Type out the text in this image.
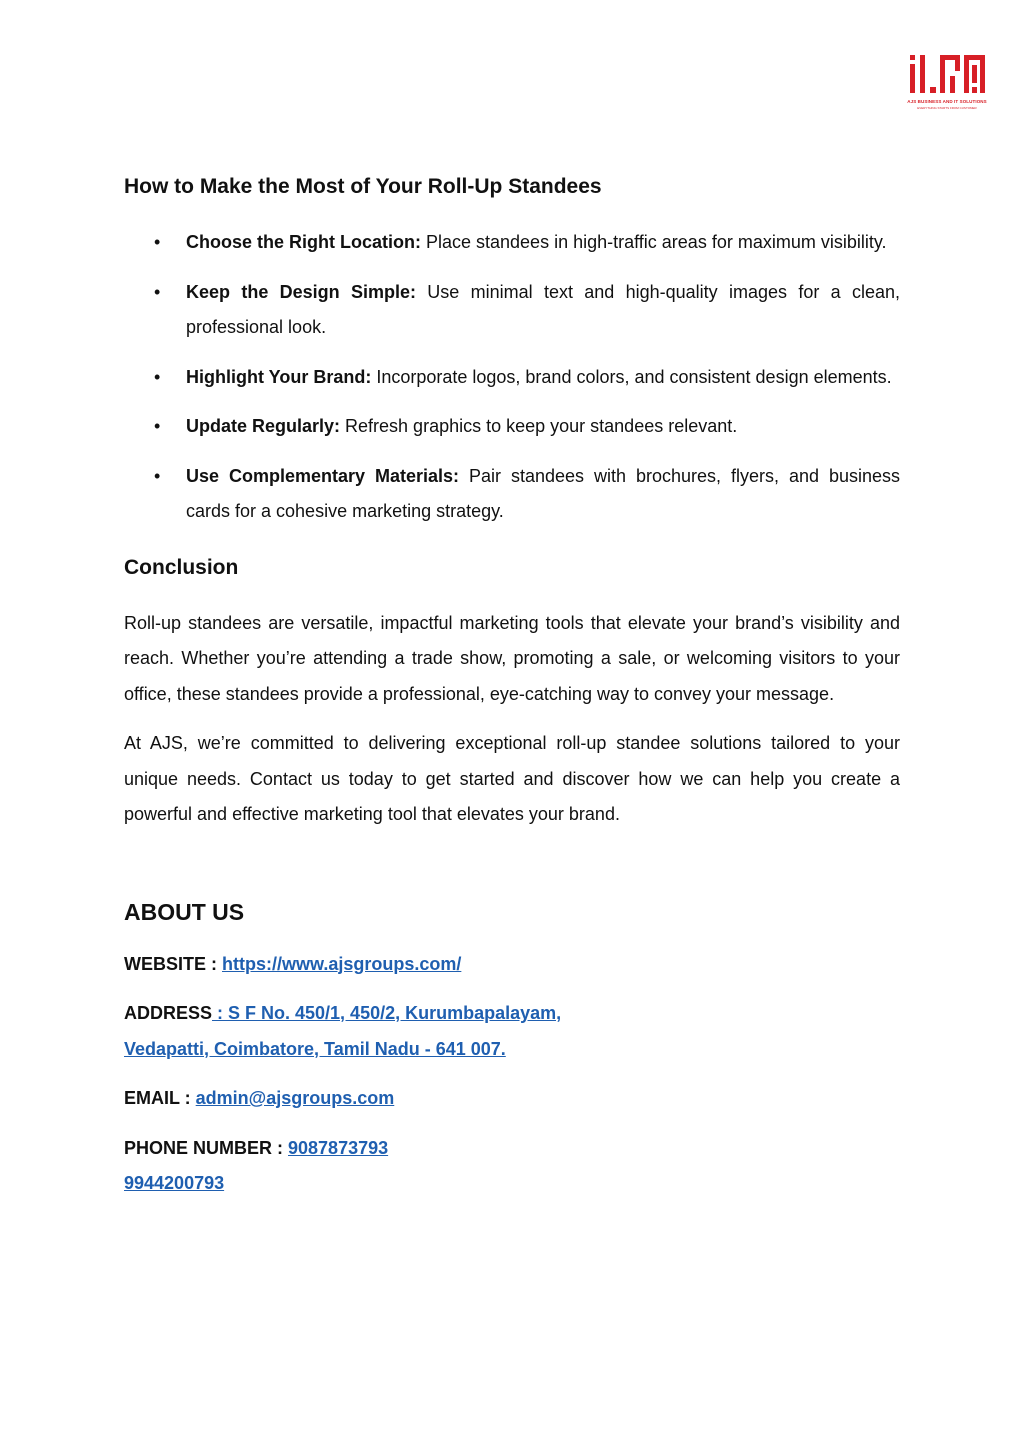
AJS BUSINESS AND IT SOLUTIONS
EVERYTHING STARTS FROM CUSTOMER
How to Make the Most of Your Roll-Up Standees
• Choose the Right Location: Place standees in high-traffic areas for maximum visibility.
• Keep the Design Simple: Use minimal text and high-quality images for a clean, professional look.
• Highlight Your Brand: Incorporate logos, brand colors, and consistent design elements.
• Update Regularly: Refresh graphics to keep your standees relevant.
• Use Complementary Materials: Pair standees with brochures, flyers, and business cards for a cohesive marketing strategy.
Conclusion

Roll-up standees are versatile, impactful marketing tools that elevate your brand’s visibility and reach. Whether you’re attending a trade show, promoting a sale, or welcoming visitors to your office, these standees provide a professional, eye-catching way to convey your message.

At AJS, we’re committed to delivering exceptional roll-up standee solutions tailored to your unique needs. Contact us today to get started and discover how we can help you create a powerful and effective marketing tool that elevates your brand.

ABOUT US
WEBSITE : https://www.ajsgroups.com/
ADDRESS : S F No. 450/1, 450/2, Kurumbapalayam,
Vedapatti, Coimbatore, Tamil Nadu - 641 007.
EMAIL : admin@ajsgroups.com
PHONE NUMBER : 9087873793
9944200793
